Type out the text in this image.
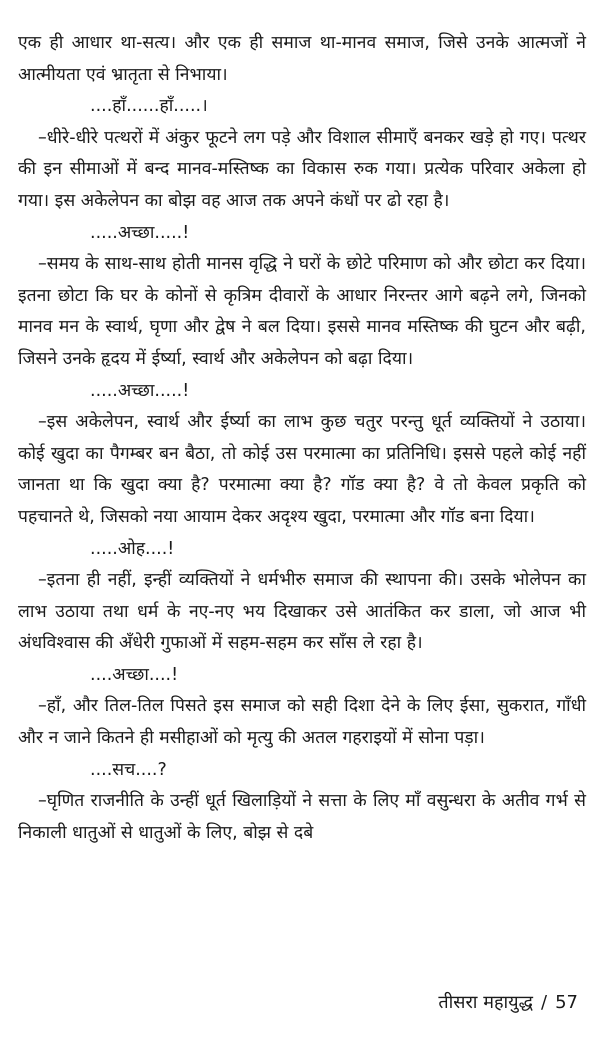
एक ही आधार था-सत्य। और एक ही समाज था-मानव समाज, जिसे उनके आत्मजों ने आत्मीयता एवं भ्रातृता से निभाया।

....हाँ......हाँ.....।

–धीरे-धीरे पत्थरों में अंकुर फूटने लग पड़े और विशाल सीमाएँ बनकर खड़े हो गए। पत्थर की इन सीमाओं में बन्द मानव-मस्तिष्क का विकास रुक गया। प्रत्येक परिवार अकेला हो गया। इस अकेलेपन का बोझ वह आज तक अपने कंधों पर ढो रहा है।

.....अच्छा.....!

–समय के साथ-साथ होती मानस वृद्धि ने घरों के छोटे परिमाण को और छोटा कर दिया। इतना छोटा कि घर के कोनों से कृत्रिम दीवारों के आधार निरन्तर आगे बढ़ने लगे, जिनको मानव मन के स्वार्थ, घृणा और द्वेष ने बल दिया। इससे मानव मस्तिष्क की घुटन और बढ़ी, जिसने उनके हृदय में ईर्ष्या, स्वार्थ और अकेलेपन को बढ़ा दिया।

.....अच्छा.....!

–इस अकेलेपन, स्वार्थ और ईर्ष्या का लाभ कुछ चतुर परन्तु धूर्त व्यक्तियों ने उठाया। कोई खुदा का पैगम्बर बन बैठा, तो कोई उस परमात्मा का प्रतिनिधि। इससे पहले कोई नहीं जानता था कि खुदा क्या है? परमात्मा क्या है? गॉड क्या है? वे तो केवल प्रकृति को पहचानते थे, जिसको नया आयाम देकर अदृश्य खुदा, परमात्मा और गॉड बना दिया।

.....ओह....!

–इतना ही नहीं, इन्हीं व्यक्तियों ने धर्मभीरु समाज की स्थापना की। उसके भोलेपन का लाभ उठाया तथा धर्म के नए-नए भय दिखाकर उसे आतंकित कर डाला, जो आज भी अंधविश्वास की अँधेरी गुफाओं में सहम-सहम कर साँस ले रहा है।

....अच्छा....!

–हाँ, और तिल-तिल पिसते इस समाज को सही दिशा देने के लिए ईसा, सुकरात, गाँधी और न जाने कितने ही मसीहाओं को मृत्यु की अतल गहराइयों में सोना पड़ा।

....सच....?

–घृणित राजनीति के उन्हीं धूर्त खिलाड़ियों ने सत्ता के लिए माँ वसुन्धरा के अतीव गर्भ से निकाली धातुओं से धातुओं के लिए, बोझ से दबे

तीसरा महायुद्ध / 57
